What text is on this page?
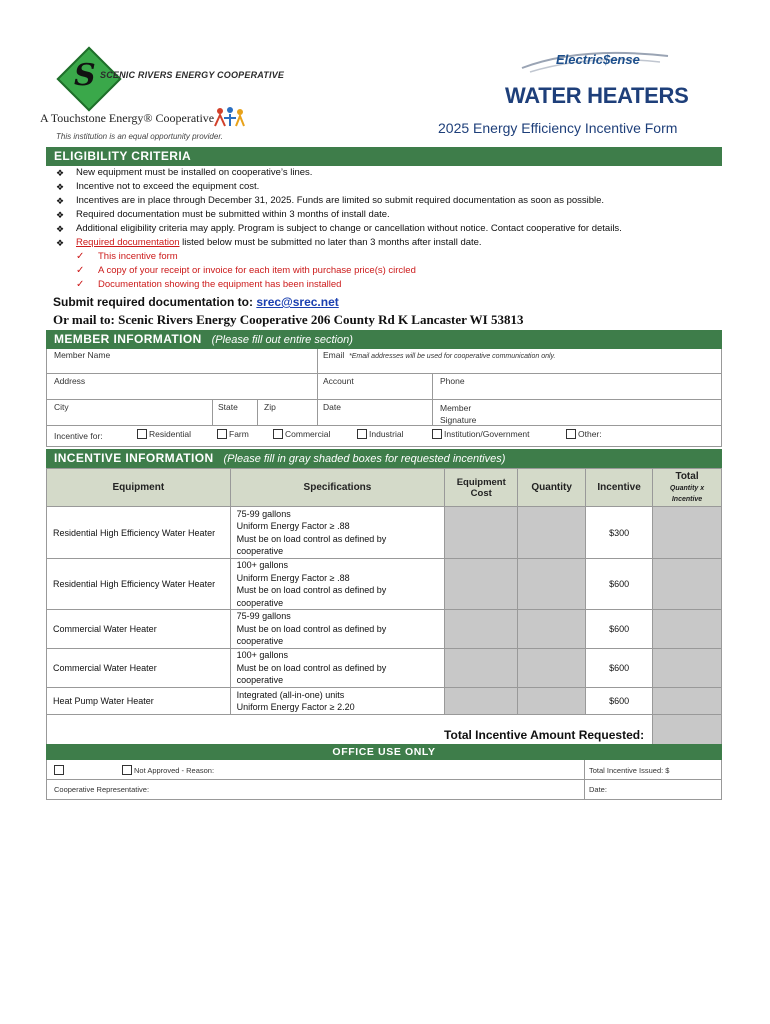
S SCENIC RIVERS ENERGY COOPERATIVE
A Touchstone Energy® Cooperative
This institution is an equal opportunity provider.
Electric$ense
WATER HEATERS
2025 Energy Efficiency Incentive Form
ELIGIBILITY CRITERIA
❖ New equipment must be installed on cooperative’s lines.
❖ Incentive not to exceed the equipment cost.
❖ Incentives are in place through December 31, 2025. Funds are limited so submit required documentation as soon as possible.
❖ Required documentation must be submitted within 3 months of install date.
❖ Additional eligibility criteria may apply. Program is subject to change or cancellation without notice. Contact cooperative for details.
❖ Required documentation listed below must be submitted no later than 3 months after install date.
✓ This incentive form
✓ A copy of your receipt or invoice for each item with purchase price(s) circled
✓ Documentation showing the equipment has been installed
Submit required documentation to: srec@srec.net
Or mail to: Scenic Rivers Energy Cooperative 206 County Rd K Lancaster WI 53813
MEMBER INFORMATION (Please fill out entire section)
Member Name	Email *Email addresses will be used for cooperative communication only.
Address	Account	Phone
City	State	Zip	Date	Member
Signature
Incentive for:	Residential	Farm	Commercial	Industrial	Institution/Government	Other:
INCENTIVE INFORMATION (Please fill in gray shaded boxes for requested incentives)
Equipment	Specifications	Equipment
Cost	Quantity	Incentive	Total
Quantity x
Incentive
Residential High Efficiency Water Heater	75-99 gallons
Uniform Energy Factor ≥ .88
Must be on load control as defined by
cooperative			$300	
Residential High Efficiency Water Heater	100+ gallons
Uniform Energy Factor ≥ .88
Must be on load control as defined by
cooperative			$600	
Commercial Water Heater	75-99 gallons
Must be on load control as defined by
cooperative			$600	
Commercial Water Heater	100+ gallons
Must be on load control as defined by
cooperative			$600	
Heat Pump Water Heater	Integrated (all-in-one) units
Uniform Energy Factor ≥ 2.20			$600	
Total Incentive Amount Requested:					
OFFICE USE ONLY
Not Approved - Reason:	Total Incentive Issued: $
Cooperative Representative:	Date:
